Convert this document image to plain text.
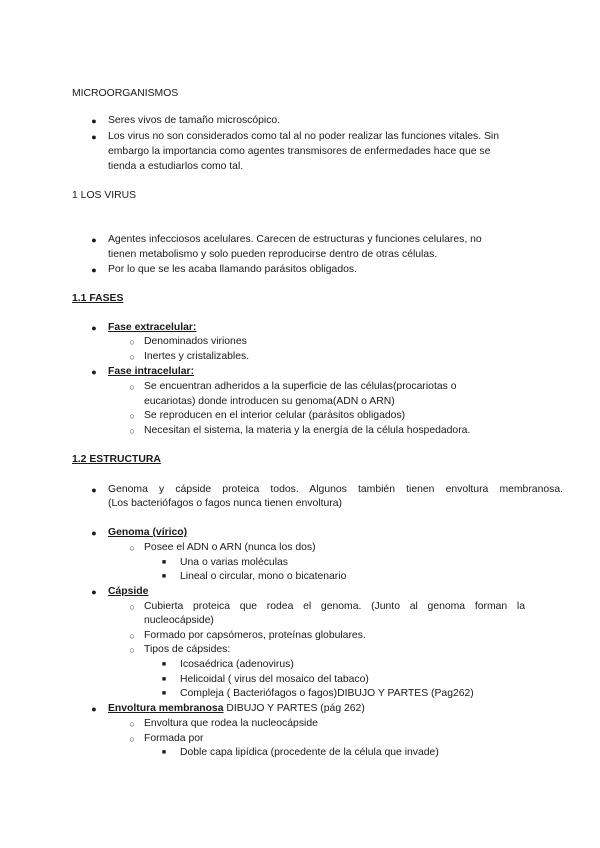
MICROORGANISMOS
● Seres vivos de tamaño microscópico.
● Los virus no son considerados como tal al no poder realizar las funciones vitales. Sin
embargo la importancia como agentes transmisores de enfermedades hace que se
tienda a estudiarlos como tal.
1 LOS VIRUS
● Agentes infecciosos acelulares. Carecen de estructuras y funciones celulares, no
tienen metabolismo y solo pueden reproducirse dentro de otras células.
● Por lo que se les acaba llamando parásitos obligados.
1.1 FASES
● Fase extracelular:
○ Denominados viriones
○ Inertes y cristalizables.
● Fase intracelular:
○ Se encuentran adheridos a la superficie de las células(procariotas o
eucariotas) donde introducen su genoma(ADN o ARN)
○ Se reproducen en el interior celular (parásitos obligados)
○ Necesitan el sistema, la materia y la energía de la célula hospedadora.
1.2 ESTRUCTURA
● Genoma y cápside proteica todos. Algunos también tienen envoltura membranosa.
(Los bacteriófagos o fagos nunca tienen envoltura)
● Genoma (vírico)
○ Posee el ADN o ARN (nunca los dos)
■ Una o varias moléculas
■ Lineal o circular, mono o bicatenario
● Cápside
○ Cubierta proteica que rodea el genoma. (Junto al genoma forman la
nucleocápside)
○ Formado por capsómeros, proteínas globulares.
○ Tipos de cápsides:
■ Icosaédrica (adenovirus)
■ Helicoidal ( virus del mosaico del tabaco)
■ Compleja ( Bacteriófagos o fagos)DIBUJO Y PARTES (Pag262)
● Envoltura membranosa DIBUJO Y PARTES (pág 262)
○ Envoltura que rodea la nucleocápside
○ Formada por
■ Doble capa lipídica (procedente de la célula que invade)
